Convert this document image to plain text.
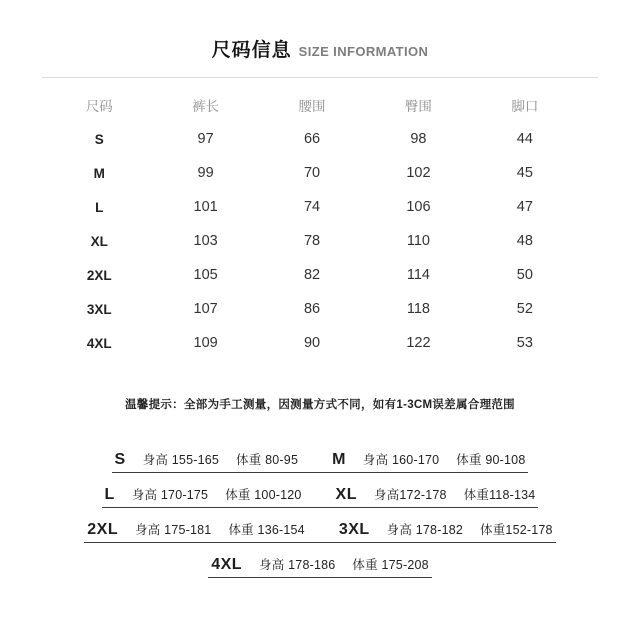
尺码信息 SIZE INFORMATION
尺码	裤长	腰围	臀围	脚口
S	97	66	98	44
M	99	70	102	45
L	101	74	106	47
XL	103	78	110	48
2XL	105	82	114	50
3XL	107	86	118	52
4XL	109	90	122	53
温馨提示：全部为手工测量，因测量方式不同，如有1-3CM误差属合理范围
S 身高 155-165 体重 80-95 M 身高 160-170 体重 90-108
L 身高 170-175 体重 100-120 XL 身高172-178 体重118-134
2XL 身高 175-181 体重 136-154 3XL 身高 178-182 体重152-178
4XL 身高 178-186 体重 175-208
